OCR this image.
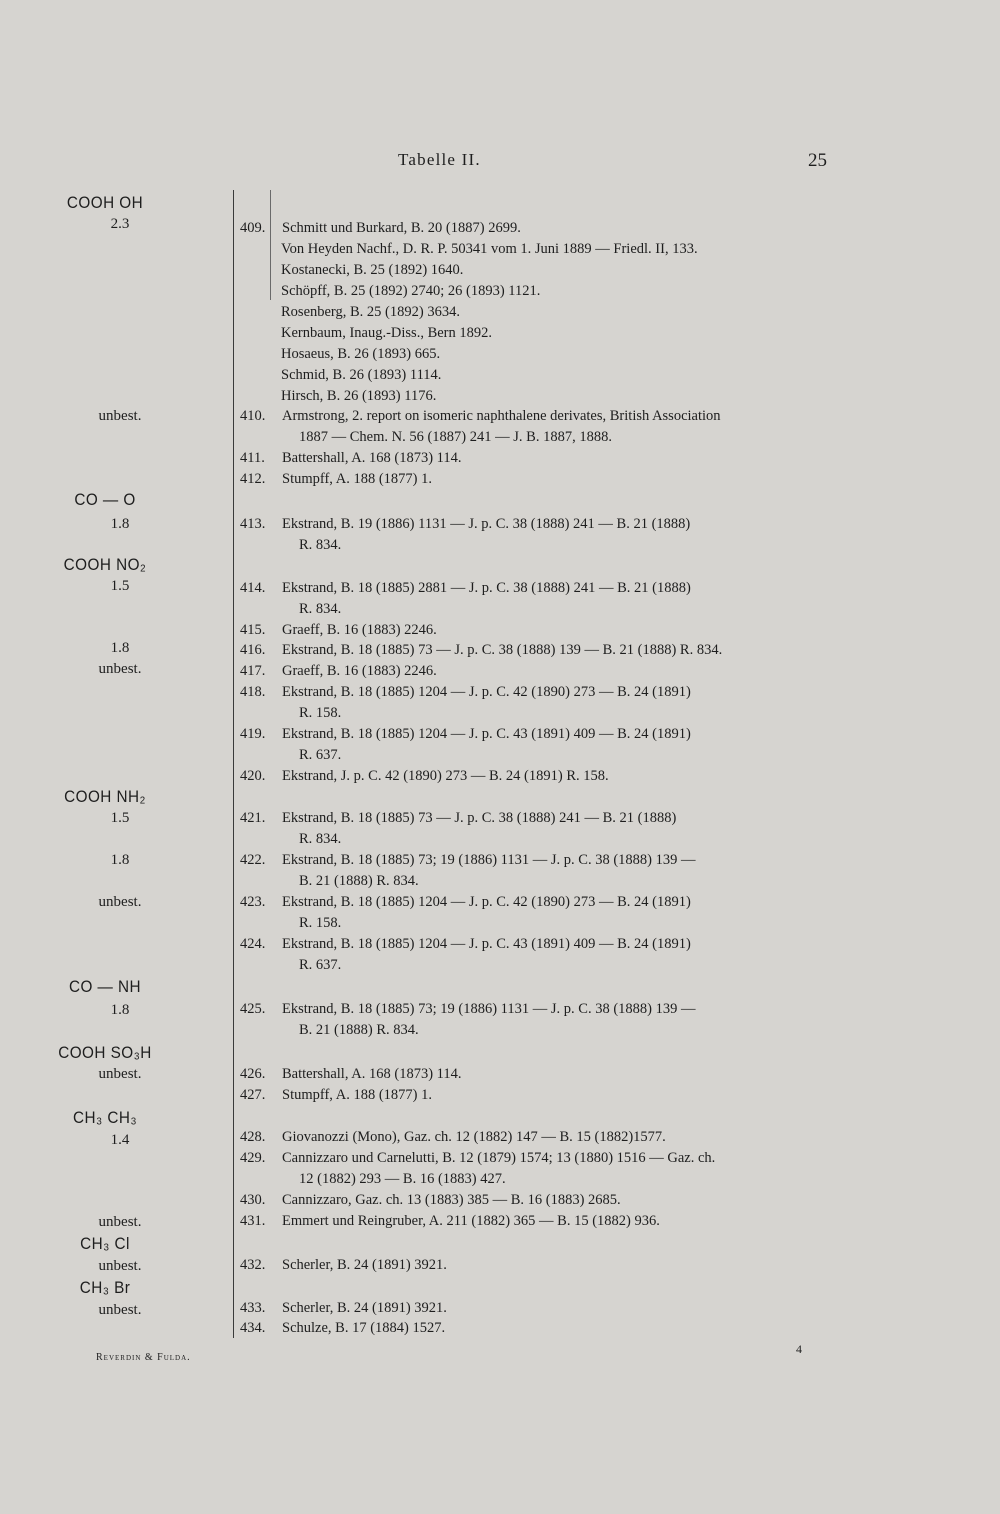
Tabelle II.	25
COOH OH
2.3
unbest.
CO — O
1.8
COOH NO₂
1.5
1.8
unbest.
COOH NH₂
1.5
1.8
unbest.
CO — NH
1.8
COOH SO₃H
unbest.
CH₃ CH₃
1.4
unbest.
CH₃ Cl
unbest.
CH₃ Br
unbest.
409. Schmitt und Burkard, B. 20 (1887) 2699.
Von Heyden Nachf., D. R. P. 50341 vom 1. Juni 1889 — Friedl. II, 133.
Kostanecki, B. 25 (1892) 1640.
Schöpff, B. 25 (1892) 2740; 26 (1893) 1121.
Rosenberg, B. 25 (1892) 3634.
Kernbaum, Inaug.-Diss., Bern 1892.
Hosaeus, B. 26 (1893) 665.
Schmid, B. 26 (1893) 1114.
Hirsch, B. 26 (1893) 1176.
410. Armstrong, 2. report on isomeric naphthalene derivates, British Association
1887 — Chem. N. 56 (1887) 241 — J. B. 1887, 1888.
411. Battershall, A. 168 (1873) 114.
412. Stumpff, A. 188 (1877) 1.
413. Ekstrand, B. 19 (1886) 1131 — J. p. C. 38 (1888) 241 — B. 21 (1888)
R. 834.
414. Ekstrand, B. 18 (1885) 2881 — J. p. C. 38 (1888) 241 — B. 21 (1888)
R. 834.
415. Graeff, B. 16 (1883) 2246.
416. Ekstrand, B. 18 (1885) 73 — J. p. C. 38 (1888) 139 — B. 21 (1888) R. 834.
417. Graeff, B. 16 (1883) 2246.
418. Ekstrand, B. 18 (1885) 1204 — J. p. C. 42 (1890) 273 — B. 24 (1891)
R. 158.
419. Ekstrand, B. 18 (1885) 1204 — J. p. C. 43 (1891) 409 — B. 24 (1891)
R. 637.
420. Ekstrand, J. p. C. 42 (1890) 273 — B. 24 (1891) R. 158.
421. Ekstrand, B. 18 (1885) 73 — J. p. C. 38 (1888) 241 — B. 21 (1888)
R. 834.
422. Ekstrand, B. 18 (1885) 73; 19 (1886) 1131 — J. p. C. 38 (1888) 139 —
B. 21 (1888) R. 834.
423. Ekstrand, B. 18 (1885) 1204 — J. p. C. 42 (1890) 273 — B. 24 (1891)
R. 158.
424. Ekstrand, B. 18 (1885) 1204 — J. p. C. 43 (1891) 409 — B. 24 (1891)
R. 637.
425. Ekstrand, B. 18 (1885) 73; 19 (1886) 1131 — J. p. C. 38 (1888) 139 —
B. 21 (1888) R. 834.
426. Battershall, A. 168 (1873) 114.
427. Stumpff, A. 188 (1877) 1.
428. Giovanozzi (Mono), Gaz. ch. 12 (1882) 147 — B. 15 (1882)1577.
429. Cannizzaro und Carnelutti, B. 12 (1879) 1574; 13 (1880) 1516 — Gaz. ch.
12 (1882) 293 — B. 16 (1883) 427.
430. Cannizzaro, Gaz. ch. 13 (1883) 385 — B. 16 (1883) 2685.
431. Emmert und Reingruber, A. 211 (1882) 365 — B. 15 (1882) 936.
432. Scherler, B. 24 (1891) 3921.
433. Scherler, B. 24 (1891) 3921.
434. Schulze, B. 17 (1884) 1527.
Reverdin & Fulda.
4
